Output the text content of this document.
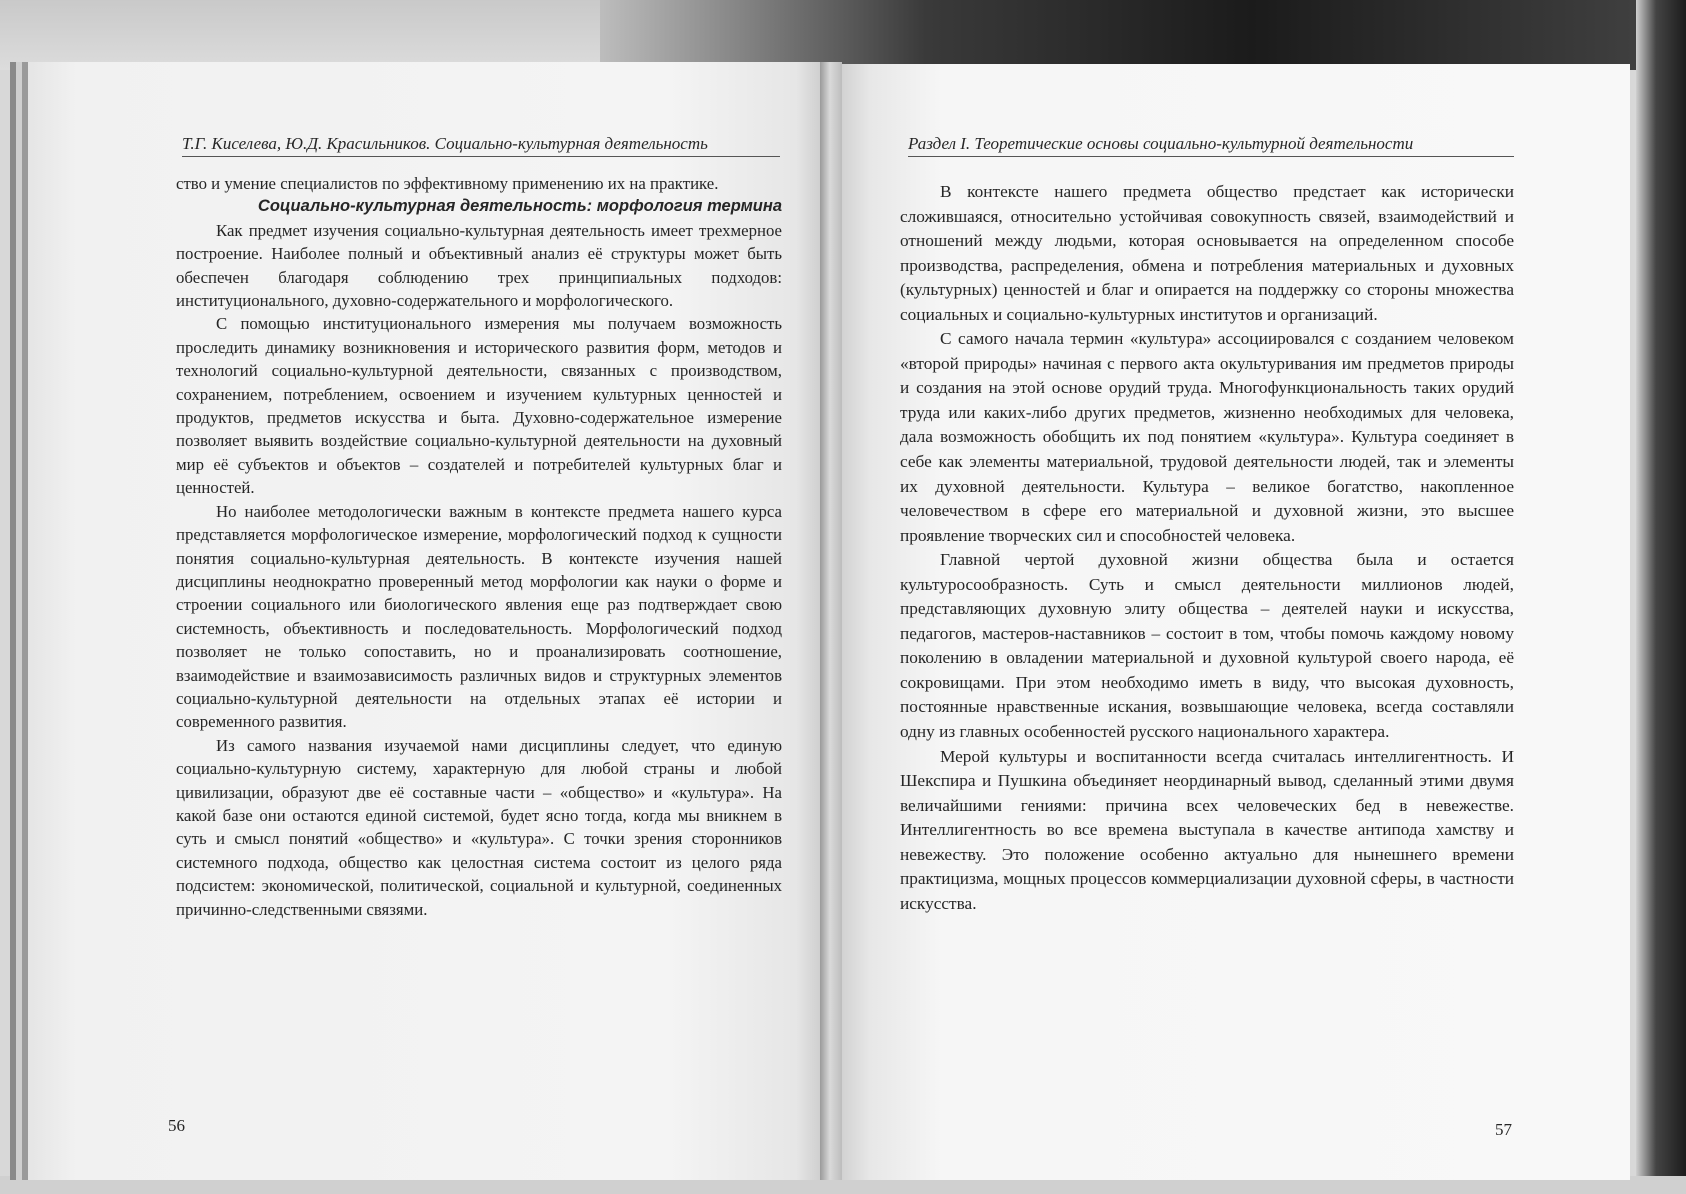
Т.Г. Киселева, Ю.Д. Красильников. Социально-культурная деятельность	Раздел I. Теоретические основы социально-культурной деятельности

ство и умение специалистов по эффективному применению их на практике.

Социально-культурная деятельность: морфология термина

Как предмет изучения социально-культурная деятельность имеет трехмерное построение. Наиболее полный и объективный анализ её структуры может быть обеспечен благодаря соблюдению трех принципиальных подходов: институционального, духовно-содержательного и морфологического.

С помощью институционального измерения мы получаем возможность проследить динамику возникновения и исторического развития форм, методов и технологий социально-культурной деятельности, связанных с производством, сохранением, потреблением, освоением и изучением культурных ценностей и продуктов, предметов искусства и быта. Духовно-содержательное измерение позволяет выявить воздействие социально-культурной деятельности на духовный мир её субъектов и объектов – создателей и потребителей культурных благ и ценностей.

Но наиболее методологически важным в контексте предмета нашего курса представляется морфологическое измерение, морфологический подход к сущности понятия социально-культурная деятельность. В контексте изучения нашей дисциплины неоднократно проверенный метод морфологии как науки о форме и строении социального или биологического явления еще раз подтверждает свою системность, объективность и последовательность. Морфологический подход позволяет не только сопоставить, но и проанализировать соотношение, взаимодействие и взаимозависимость различных видов и структурных элементов социально-культурной деятельности на отдельных этапах её истории и современного развития.

Из самого названия изучаемой нами дисциплины следует, что единую социально-культурную систему, характерную для любой страны и любой цивилизации, образуют две её составные части – «общество» и «культура». На какой базе они остаются единой системой, будет ясно тогда, когда мы вникнем в суть и смысл понятий «общество» и «культура». С точки зрения сторонников системного подхода, общество как целостная система состоит из целого ряда подсистем: экономической, политической, социальной и культурной, соединенных причинно-следственными связями.

В контексте нашего предмета общество предстает как исторически сложившаяся, относительно устойчивая совокупность связей, взаимодействий и отношений между людьми, которая основывается на определенном способе производства, распределения, обмена и потребления материальных и духовных (культурных) ценностей и благ и опирается на поддержку со стороны множества социальных и социально-культурных институтов и организаций.

С самого начала термин «культура» ассоциировался с созданием человеком «второй природы» начиная с первого акта окультуривания им предметов природы и создания на этой основе орудий труда. Многофункциональность таких орудий труда или каких-либо других предметов, жизненно необходимых для человека, дала возможность обобщить их под понятием «культура». Культура соединяет в себе как элементы материальной, трудовой деятельности людей, так и элементы их духовной деятельности. Культура – великое богатство, накопленное человечеством в сфере его материальной и духовной жизни, это высшее проявление творческих сил и способностей человека.

Главной чертой духовной жизни общества была и остается культуросообразность. Суть и смысл деятельности миллионов людей, представляющих духовную элиту общества – деятелей науки и искусства, педагогов, мастеров-наставников – состоит в том, чтобы помочь каждому новому поколению в овладении материальной и духовной культурой своего народа, её сокровищами. При этом необходимо иметь в виду, что высокая духовность, постоянные нравственные искания, возвышающие человека, всегда составляли одну из главных особенностей русского национального характера.

Мерой культуры и воспитанности всегда считалась интеллигентность. И Шекспира и Пушкина объединяет неординарный вывод, сделанный этими двумя величайшими гениями: причина всех человеческих бед в невежестве. Интеллигентность во все времена выступала в качестве антипода хамству и невежеству. Это положение особенно актуально для нынешнего времени практицизма, мощных процессов коммерциализации духовной сферы, в частности искусства.

56	57
